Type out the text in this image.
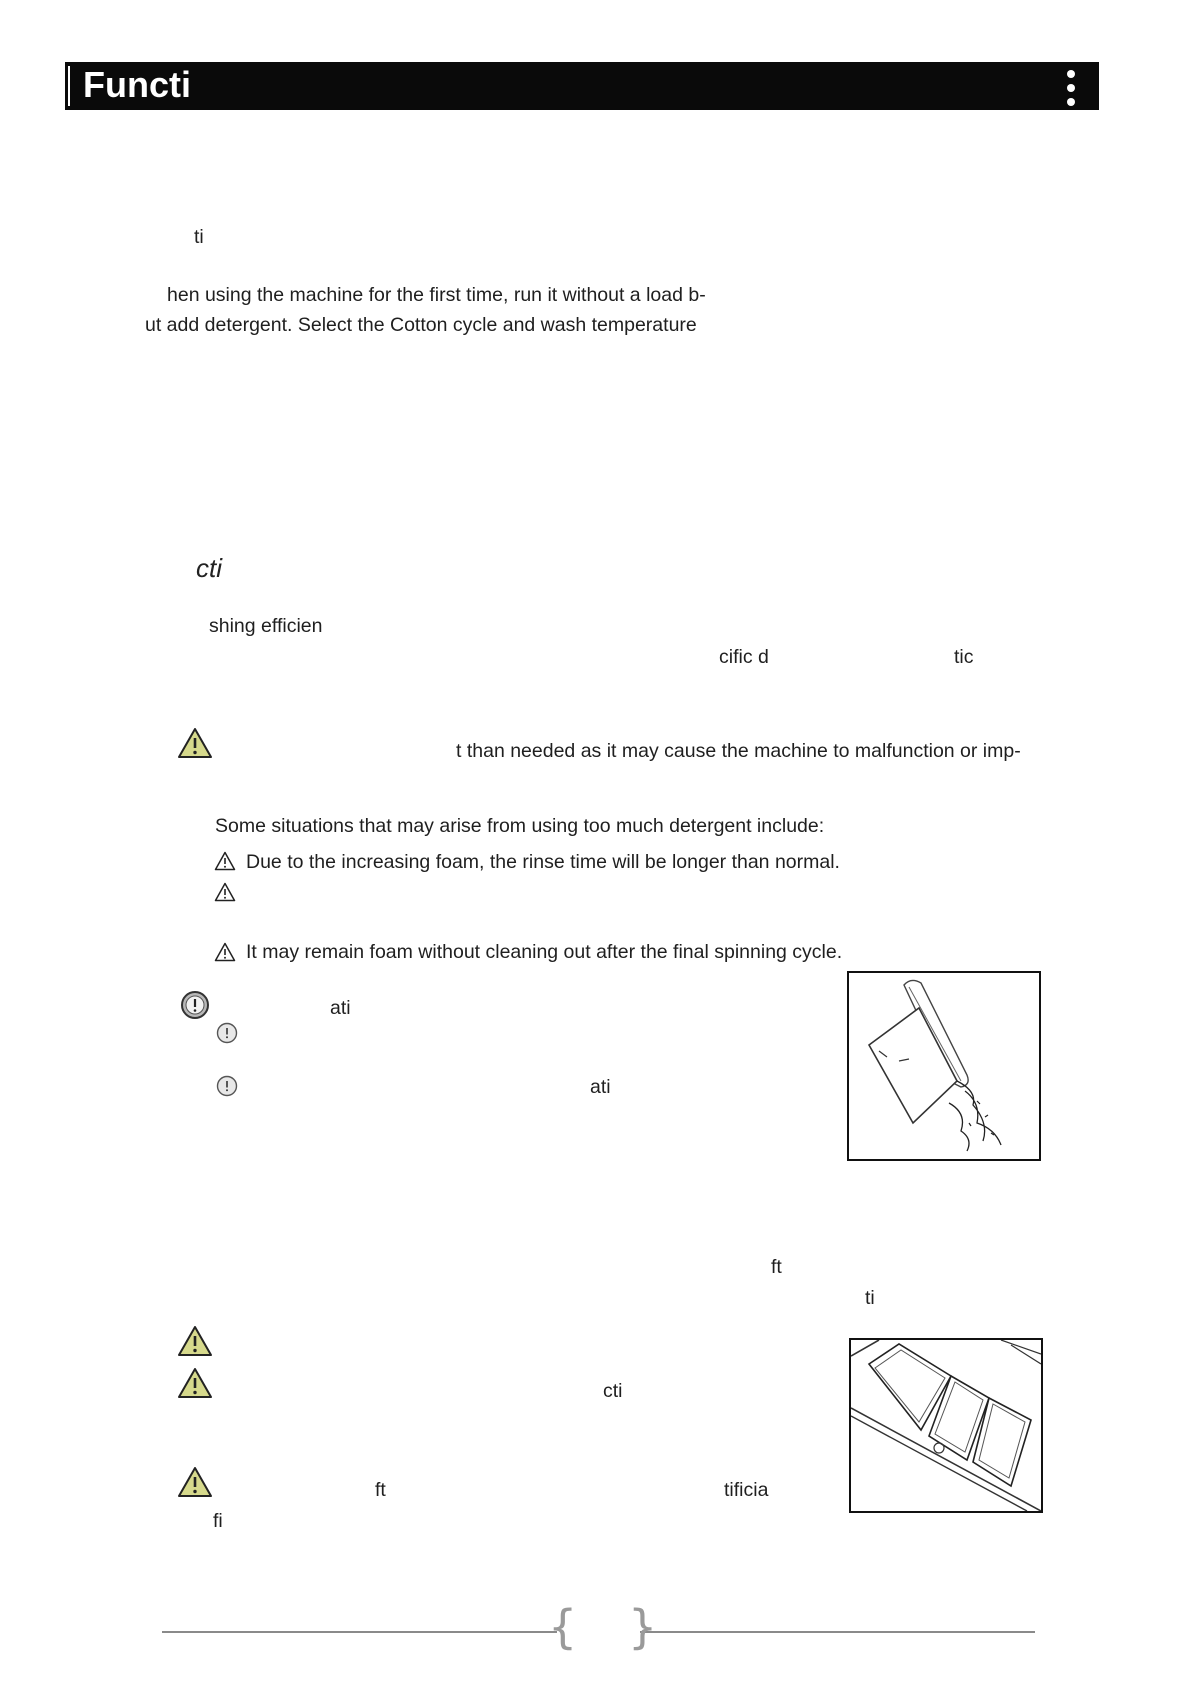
Functi
ti
hen using the machine for the first time, run it without a load b-
ut add detergent. Select the Cotton cycle and wash temperature
cti
shing efficien
cific d	tic
t than needed as it may cause the machine to malfunction or imp-
Some situations that may arise from using too much detergent include:
Due to the increasing foam, the rinse time will be longer than normal.
It may remain foam without cleaning out after the final spinning cycle.
ati
ati
ft
ti
cti
ft	tificia
fi
{ }
